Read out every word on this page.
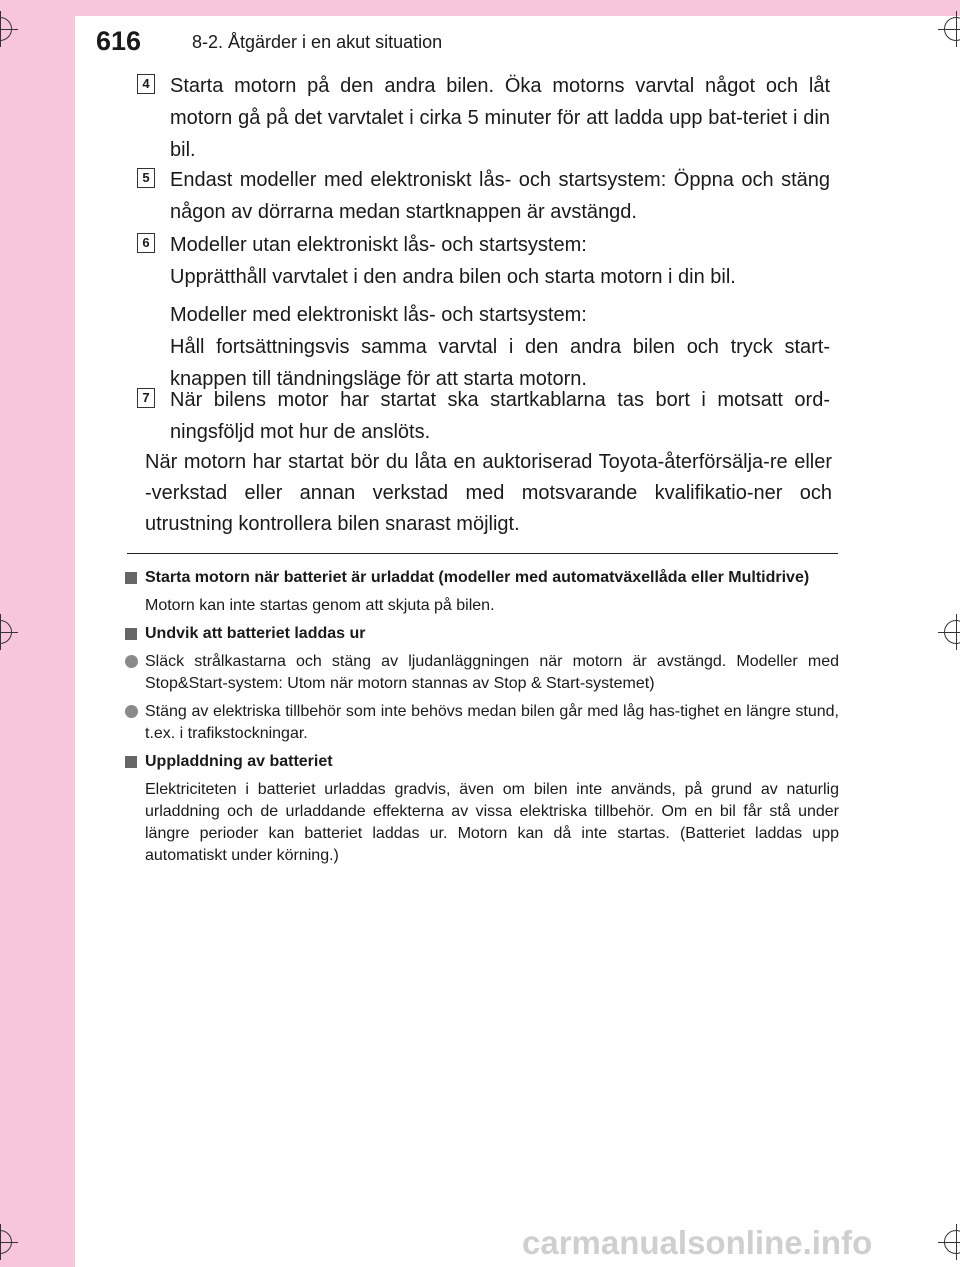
616	8-2. Åtgärder i en akut situation
4 Starta motorn på den andra bilen. Öka motorns varvtal något och låt motorn gå på det varvtalet i cirka 5 minuter för att ladda upp bat-teriet i din bil.
5 Endast modeller med elektroniskt lås- och startsystem: Öppna och stäng någon av dörrarna medan startknappen är avstängd.
6 Modeller utan elektroniskt lås- och startsystem:
Upprätthåll varvtalet i den andra bilen och starta motorn i din bil.
Modeller med elektroniskt lås- och startsystem:
Håll fortsättningsvis samma varvtal i den andra bilen och tryck start-knappen till tändningsläge för att starta motorn.
7 När bilens motor har startat ska startkablarna tas bort i motsatt ord-ningsföljd mot hur de anslöts.
När motorn har startat bör du låta en auktoriserad Toyota-återförsälja-re eller -verkstad eller annan verkstad med motsvarande kvalifikatio-ner och utrustning kontrollera bilen snarast möjligt.
Starta motorn när batteriet är urladdat (modeller med automatväxellåda eller Multidrive)
Motorn kan inte startas genom att skjuta på bilen.
Undvik att batteriet laddas ur
Släck strålkastarna och stäng av ljudanläggningen när motorn är avstängd. Modeller med Stop&Start-system: Utom när motorn stannas av Stop & Start-systemet)
Stäng av elektriska tillbehör som inte behövs medan bilen går med låg has-tighet en längre stund, t.ex. i trafikstockningar.
Uppladdning av batteriet
Elektriciteten i batteriet urladdas gradvis, även om bilen inte används, på grund av naturlig urladdning och de urladdande effekterna av vissa elektriska tillbehör. Om en bil får stå under längre perioder kan batteriet laddas ur. Motorn kan då inte startas. (Batteriet laddas upp automatiskt under körning.)
carmanualsonline.info
